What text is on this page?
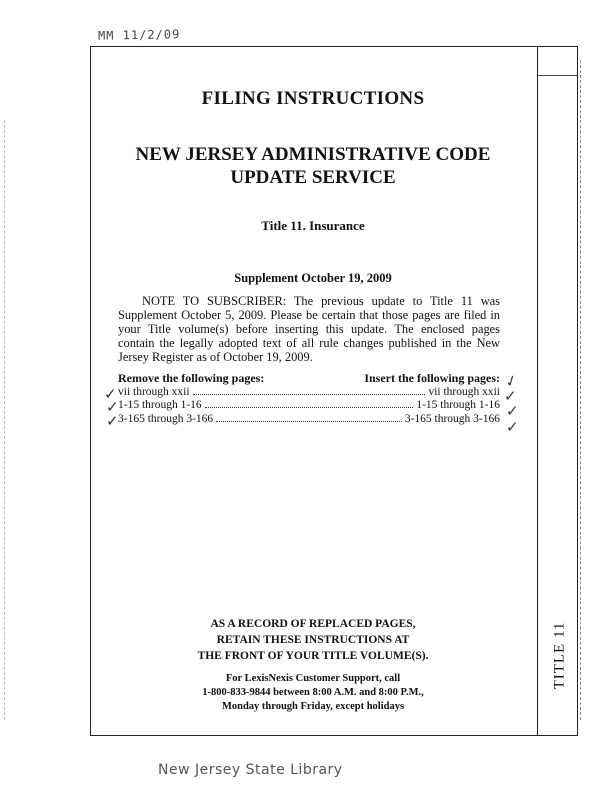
MM 11/2/09
TITLE 11
FILING INSTRUCTIONS
NEW JERSEY ADMINISTRATIVE CODE
UPDATE SERVICE
Title 11. Insurance
Supplement October 19, 2009
NOTE TO SUBSCRIBER: The previous update to Title 11 was Supplement October 5, 2009. Please be certain that those pages are filed in your Title volume(s) before inserting this update. The enclosed pages contain the legally adopted text of all rule changes published in the New Jersey Register as of October 19, 2009.
Remove the following pages:	Insert the following pages:
vii through xxii	vii through xxii
1-15 through 1-16	1-15 through 1-16
3-165 through 3-166	3-165 through 3-166
✓
✓
✓
✓
✓
✓
✓
AS A RECORD OF REPLACED PAGES,
RETAIN THESE INSTRUCTIONS AT
THE FRONT OF YOUR TITLE VOLUME(S).
For LexisNexis Customer Support, call
1-800-833-9844 between 8:00 A.M. and 8:00 P.M.,
Monday through Friday, except holidays
New Jersey State Library
